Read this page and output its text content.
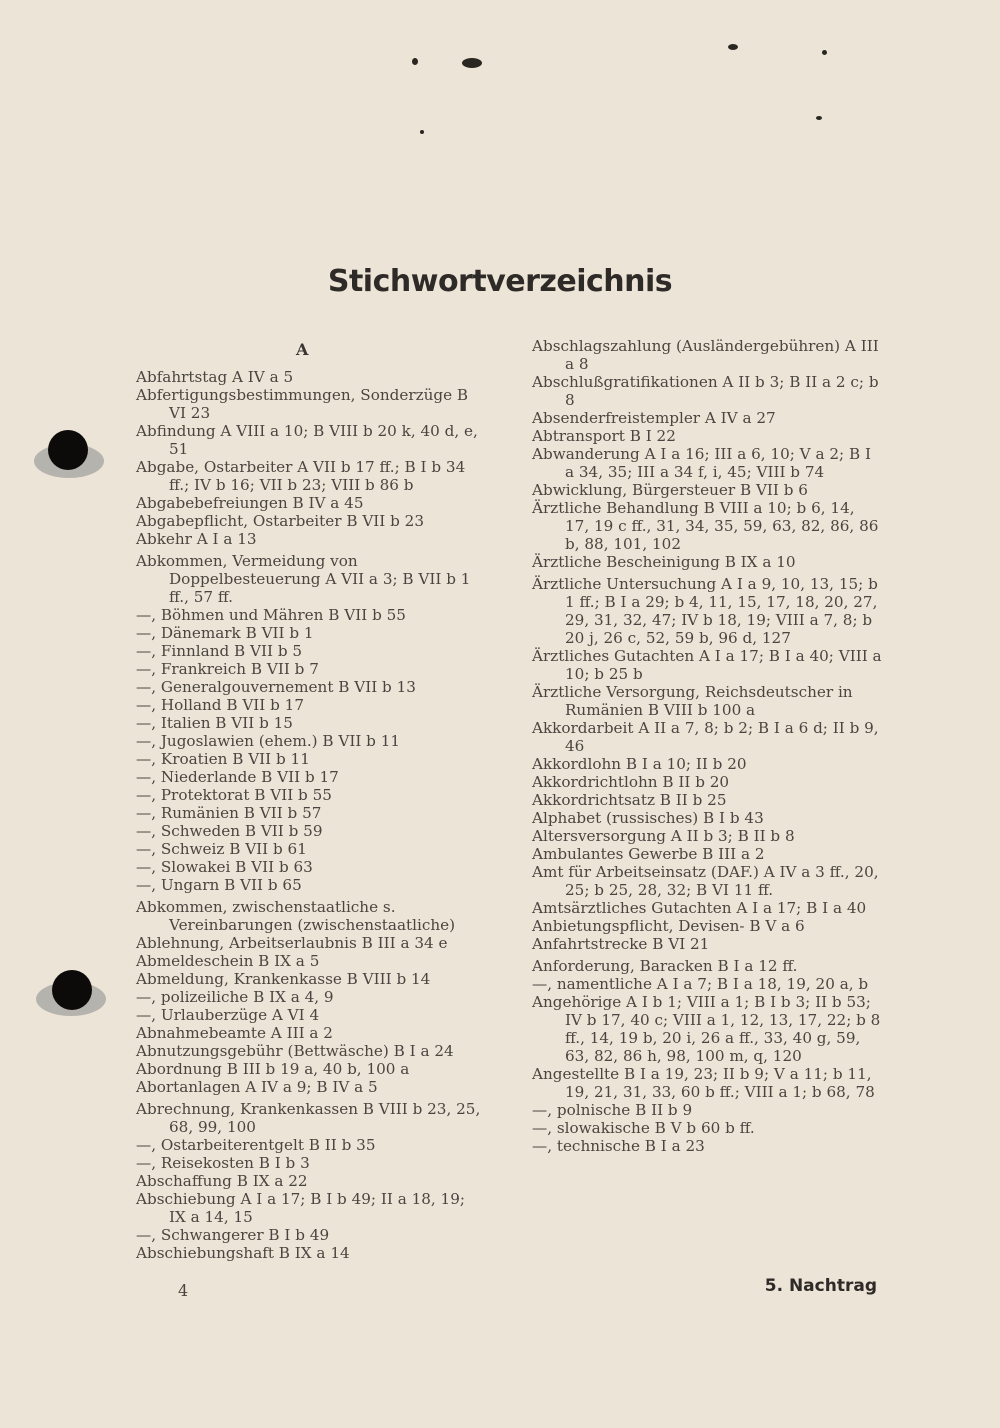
Stichwortverzeichnis
A

Abfahrtstag A IV a 5

Abfertigungsbestimmungen, Sonderzüge B VI 23

Abfindung A VIII a 10; B VIII b 20 k, 40 d, e, 51

Abgabe, Ostarbeiter A VII b 17 ff.; B I b 34 ff.; IV b 16; VII b 23; VIII b 86 b

Abgabebefreiungen B IV a 45

Abgabepflicht, Ostarbeiter B VII b 23

Abkehr A I a 13

Abkommen, Vermeidung von Doppelbesteuerung A VII a 3; B VII b 1 ff., 57 ff.

—, Böhmen und Mähren B VII b 55

—, Dänemark B VII b 1

—, Finnland B VII b 5

—, Frankreich B VII b 7

—, Generalgouvernement B VII b 13

—, Holland B VII b 17

—, Italien B VII b 15

—, Jugoslawien (ehem.) B VII b 11

—, Kroatien B VII b 11

—, Niederlande B VII b 17

—, Protektorat B VII b 55

—, Rumänien B VII b 57

—, Schweden B VII b 59

—, Schweiz B VII b 61

—, Slowakei B VII b 63

—, Ungarn B VII b 65

Abkommen, zwischenstaatliche s. Vereinbarungen (zwischenstaatliche)

Ablehnung, Arbeitserlaubnis B III a 34 e

Abmeldeschein B IX a 5

Abmeldung, Krankenkasse B VIII b 14

—, polizeiliche B IX a 4, 9

—, Urlauberzüge A VI 4

Abnahmebeamte A III a 2

Abnutzungsgebühr (Bettwäsche) B I a 24

Abordnung B III b 19 a, 40 b, 100 a

Abortanlagen A IV a 9; B IV a 5

Abrechnung, Krankenkassen B VIII b 23, 25, 68, 99, 100

—, Ostarbeiterentgelt B II b 35

—, Reisekosten B I b 3

Abschaffung B IX a 22

Abschiebung A I a 17; B I b 49; II a 18, 19; IX a 14, 15

—, Schwangerer B I b 49

Abschiebungshaft B IX a 14

Abschlagszahlung (Ausländergebühren) A III a 8

Abschlußgratifikationen A II b 3; B II a 2 c; b 8

Absenderfreistempler A IV a 27

Abtransport B I 22

Abwanderung A I a 16; III a 6, 10; V a 2; B I a 34, 35; III a 34 f, i, 45; VIII b 74

Abwicklung, Bürgersteuer B VII b 6

Ärztliche Behandlung B VIII a 10; b 6, 14, 17, 19 c ff., 31, 34, 35, 59, 63, 82, 86, 86 b, 88, 101, 102

Ärztliche Bescheinigung B IX a 10

Ärztliche Untersuchung A I a 9, 10, 13, 15; b 1 ff.; B I a 29; b 4, 11, 15, 17, 18, 20, 27, 29, 31, 32, 47; IV b 18, 19; VIII a 7, 8; b 20 j, 26 c, 52, 59 b, 96 d, 127

Ärztliches Gutachten A I a 17; B I a 40; VIII a 10; b 25 b

Ärztliche Versorgung, Reichsdeutscher in Rumänien B VIII b 100 a

Akkordarbeit A II a 7, 8; b 2; B I a 6 d; II b 9, 46

Akkordlohn B I a 10; II b 20

Akkordrichtlohn B II b 20

Akkordrichtsatz B II b 25

Alphabet (russisches) B I b 43

Altersversorgung A II b 3; B II b 8

Ambulantes Gewerbe B III a 2

Amt für Arbeitseinsatz (DAF.) A IV a 3 ff., 20, 25; b 25, 28, 32; B VI 11 ff.

Amtsärztliches Gutachten A I a 17; B I a 40

Anbietungspflicht, Devisen- B V a 6

Anfahrtstrecke B VI 21

Anforderung, Baracken B I a 12 ff.

—, namentliche A I a 7; B I a 18, 19, 20 a, b

Angehörige A I b 1; VIII a 1; B I b 3; II b 53; IV b 17, 40 c; VIII a 1, 12, 13, 17, 22; b 8 ff., 14, 19 b, 20 i, 26 a ff., 33, 40 g, 59, 63, 82, 86 h, 98, 100 m, q, 120

Angestellte B I a 19, 23; II b 9; V a 11; b 11, 19, 21, 31, 33, 60 b ff.; VIII a 1; b 68, 78

—, polnische B II b 9

—, slowakische B V b 60 b ff.

—, technische B I a 23

4	5. Nachtrag
